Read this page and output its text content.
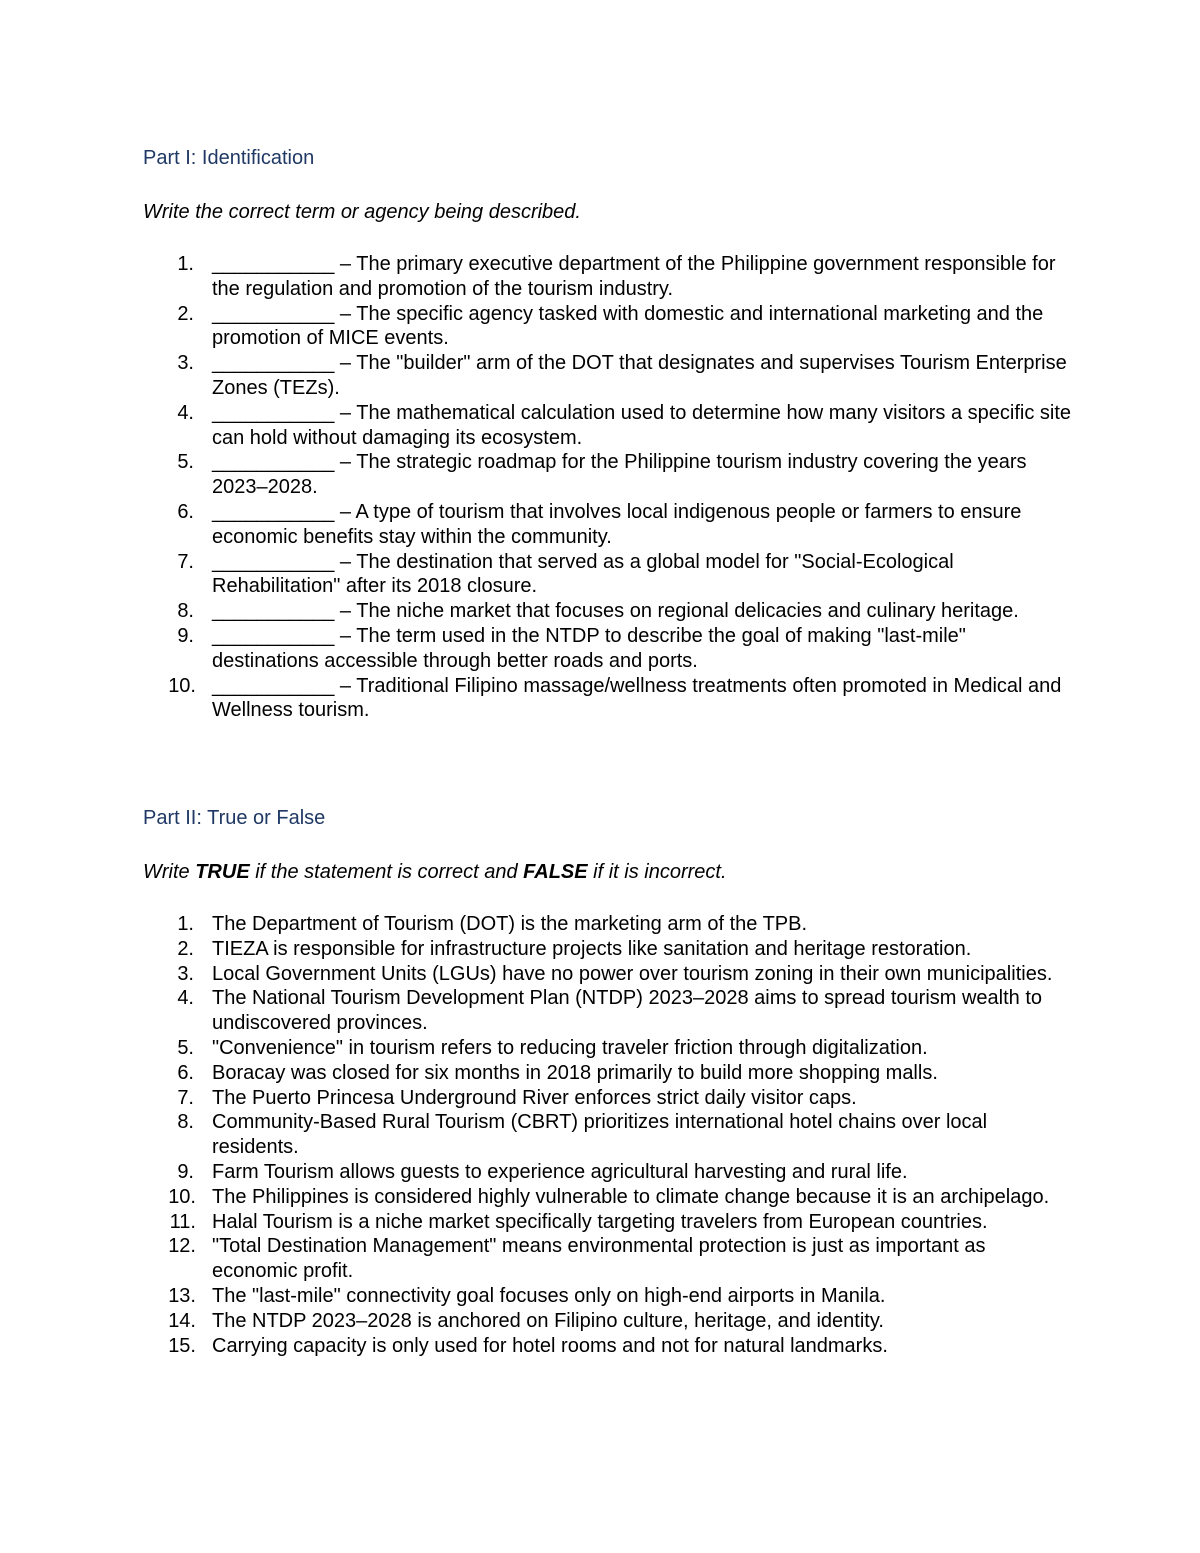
Part I: Identification

Write the correct term or agency being described.

1. ___________ – The primary executive department of the Philippine government responsible for the regulation and promotion of the tourism industry.
2. ___________ – The specific agency tasked with domestic and international marketing and the promotion of MICE events.
3. ___________ – The "builder" arm of the DOT that designates and supervises Tourism Enterprise Zones (TEZs).
4. ___________ – The mathematical calculation used to determine how many visitors a specific site can hold without damaging its ecosystem.
5. ___________ – The strategic roadmap for the Philippine tourism industry covering the years 2023–2028.
6. ___________ – A type of tourism that involves local indigenous people or farmers to ensure economic benefits stay within the community.
7. ___________ – The destination that served as a global model for "Social-Ecological Rehabilitation" after its 2018 closure.
8. ___________ – The niche market that focuses on regional delicacies and culinary heritage.
9. ___________ – The term used in the NTDP to describe the goal of making "last-mile" destinations accessible through better roads and ports.
10. ___________ – Traditional Filipino massage/wellness treatments often promoted in Medical and Wellness tourism.
Part II: True or False

Write TRUE if the statement is correct and FALSE if it is incorrect.

1. The Department of Tourism (DOT) is the marketing arm of the TPB.
2. TIEZA is responsible for infrastructure projects like sanitation and heritage restoration.
3. Local Government Units (LGUs) have no power over tourism zoning in their own municipalities.
4. The National Tourism Development Plan (NTDP) 2023–2028 aims to spread tourism wealth to undiscovered provinces.
5. "Convenience" in tourism refers to reducing traveler friction through digitalization.
6. Boracay was closed for six months in 2018 primarily to build more shopping malls.
7. The Puerto Princesa Underground River enforces strict daily visitor caps.
8. Community-Based Rural Tourism (CBRT) prioritizes international hotel chains over local residents.
9. Farm Tourism allows guests to experience agricultural harvesting and rural life.
10. The Philippines is considered highly vulnerable to climate change because it is an archipelago.
11. Halal Tourism is a niche market specifically targeting travelers from European countries.
12. "Total Destination Management" means environmental protection is just as important as economic profit.
13. The "last-mile" connectivity goal focuses only on high-end airports in Manila.
14. The NTDP 2023–2028 is anchored on Filipino culture, heritage, and identity.
15. Carrying capacity is only used for hotel rooms and not for natural landmarks.
